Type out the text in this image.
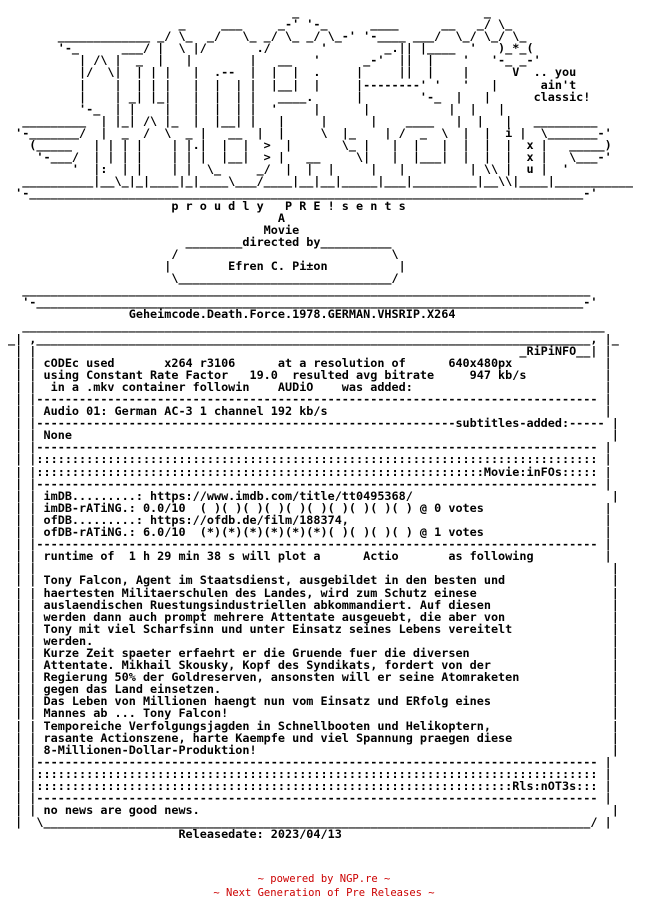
_                          _
_     ___     _-' '-_      ____      __   _/ \_
_____________ _/ \_  _/   \_ _/ \_ _/ \_-' '-____ ___/  \_/ \_/ \_
'-_      ___/ |  \ |/       ./       '        _.|| |____  '   )_*_(
| /\ |  _  |   |        |   __   '      _-'  ||  |    '   '-_ _-'
|/  \|  | | |   |  .--  |  |  |  .     |     ||  |    |      V  .. you
|    |  | | |   |  |  | |  |__|  |     |--------' '   '   |      ain't
|    | _| |_|   |  |  | |   ____.      |        '-_  |   |      classic!
'-_  | |    |   |  |  | |  '     |      |           |  |   |
_________  | |_| /\ |_  |  |__| |   |     |      |    ____   |  |   |   _________
'-_______/  |  _  /  \  _ |   __  |  |     \  |_    | /  _  \  |  |  i |  \_______-'
(_____   | | | |    | |.|  |  |  >  |       \_ |   |  |   |  |  |  |  x |   _____)
'-___/  | | | |    | | |  |__|  > |   __     \|   |  |___|  |  |  |  x |   \___-'
'  |:  | |    | |  \_     _/  |  |  |     |   |         | \\ |  u |  '
__________|__\_|_|____|_|____\___/____|__|__|_____|___|_________|__\\|____|___________
'-______________________________________________________________________________-'
p r o u d l y   P R E ! s e n t s
A
Movie
________directed by__________
/                              \
|        Efren C. Pi±on          |
\______________________________/
________________________________________________________________________________
'-_____________________________________________________________________________-'
Geheimcode.Death.Force.1978.GERMAN.VHSRIP.X264
__________________________________________________________________________________
_| ,______________________________________________________________________________, |_
| |                                                                    _RiPiNFO__| |
| | cODEc used       x264 r3106      at a resolution of      640x480px             |
| | using Constant Rate Factor   19.0  resulted avg bitrate     947 kb/s           |
| |  in a .mkv container followin    AUDiO    was added:                           |
| |------------------------------------------------------------------------------- |
| | Audio 01: German AC-3 1 channel 192 kb/s                                       |
| |-----------------------------------------------------------subtitles-added:----- |
| | None                                                                            |
| |------------------------------------------------------------------------------- |
| |::::::::::::::::::::::::::::::::::::::::::::::::::::::::::::::::::::::::::::::: |
| |:::::::::::::::::::::::::::::::::::::::::::::::::::::::::::::::Movie:inFOs::::: |
| |------------------------------------------------------------------------------- |
| | imDB.........: https://www.imdb.com/title/tt0495368/                            |
| | imDB-rATiNG.: 0.0/10  ( )( )( )( )( )( )( )( )( )( ) @ 0 votes                 |
| | ofDB.........: https://ofdb.de/film/188374,                                    |
| | ofDB-rATiNG.: 6.0/10  (*)(*)(*)(*)(*)(*)( )( )( )( ) @ 1 votes                 |
| |------------------------------------------------------------------------------- |
| | runtime of  1 h 29 min 38 s will plot a      Actio       as following          |
| |                                                                                 |
| | Tony Falcon, Agent im Staatsdienst, ausgebildet in den besten und               |
| | haertesten Militaerschulen des Landes, wird zum Schutz einese                   |
| | auslaendischen Ruestungsindustriellen abkommandiert. Auf diesen                 |
| | werden dann auch prompt mehrere Attentate ausgeuebt, die aber von               |
| | Tony mit viel Scharfsinn und unter Einsatz seines Lebens vereitelt              |
| | werden.                                                                         |
| | Kurze Zeit spaeter erfaehrt er die Gruende fuer die diversen                    |
| | Attentate. Mikhail Skousky, Kopf des Syndikats, fordert von der                 |
| | Regierung 50% der Goldreserven, ansonsten will er seine Atomraketen             |
| | gegen das Land einsetzen.                                                       |
| | Das Leben von Millionen haengt nun vom Einsatz und ERfolg eines                 |
| | Mannes ab ... Tony Falcon!                                                      |
| | Temporeiche Verfolgungsjagden in Schnellbooten und Helikoptern,                 |
| | rasante Actionszene, harte Kaempfe und viel Spannung praegen diese              |
| | 8-Millionen-Dollar-Produktion!                                                  |
| |------------------------------------------------------------------------------- |
| |::::::::::::::::::::::::::::::::::::::::::::::::::::::::::::::::::::::::::::::: |
| |:::::::::::::::::::::::::::::::::::::::::::::::::::::::::::::::::::Rls:nOT3s::: |
| |------------------------------------------------------------------------------- |
| | no news are good news.                                                          |
|  \_____________________________________________________________________________/ |
Releasedate: 2023/04/13

~ powered by NGP.re ~
~ Next Generation of Pre Releases ~
